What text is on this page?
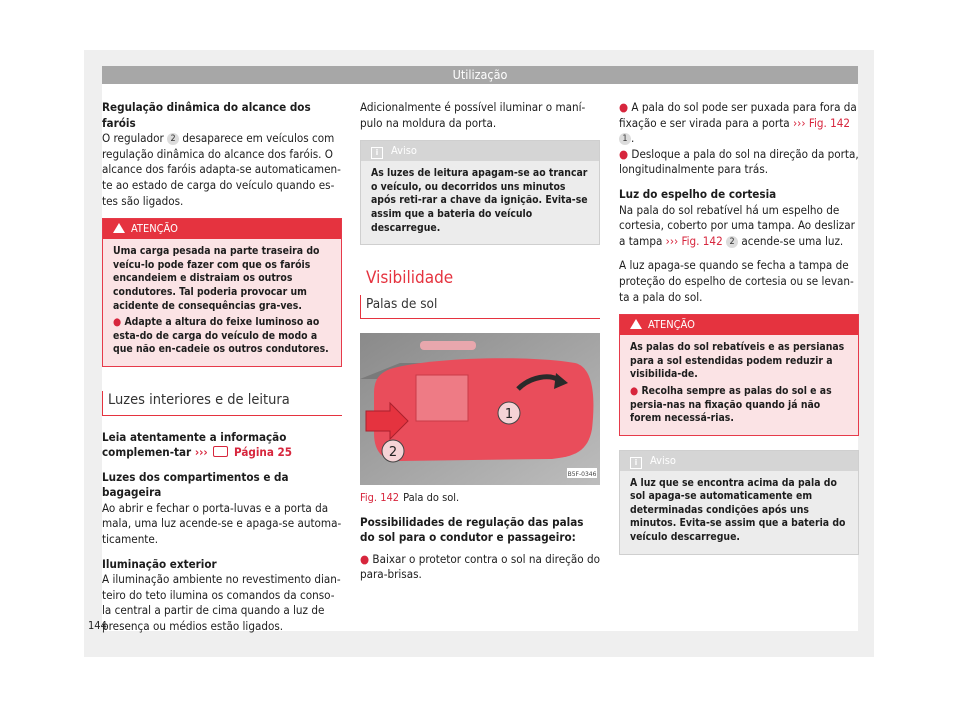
Utilização

Regulação dinâmica do alcance dos faróis

O regulador 2 desaparece em veículos com regulação dinâmica do alcance dos faróis. O alcance dos faróis adapta-se automaticamen-te ao estado de carga do veículo quando es-tes são ligados.

ATENÇÃO

Uma carga pesada na parte traseira do veícu-lo pode fazer com que os faróis encandeiem e distraiam os outros condutores. Tal poderia provocar um acidente de consequências gra-ves.

● Adapte a altura do feixe luminoso ao esta-do de carga do veículo de modo a que não en-cadeie os outros condutores.

Luzes interiores e de leitura

Leia atentamente a informação complemen-tar ››› Página 25

Luzes dos compartimentos e da bagageira

Ao abrir e fechar o porta-luvas e a porta da mala, uma luz acende-se e apaga-se automa-ticamente.

Iluminação exterior

A iluminação ambiente no revestimento dian-teiro do teto ilumina os comandos da conso-la central a partir de cima quando a luz de presença ou médios estão ligados.

Adicionalmente é possível iluminar o maní-pulo na moldura da porta.

i Aviso

As luzes de leitura apagam-se ao trancar o veículo, ou decorridos uns minutos após reti-rar a chave da ignição. Evita-se assim que a bateria do veículo descarregue.

Visibilidade
Palas de sol
1
2
B5F-0346

Fig. 142 Pala do sol.

Possibilidades de regulação das palas do sol para o condutor e passageiro:

● Baixar o protetor contra o sol na direção do para-brisas.

● A pala do sol pode ser puxada para fora da fixação e ser virada para a porta ››› Fig. 142 1 .

● Desloque a pala do sol na direção da porta, longitudinalmente para trás.

Luz do espelho de cortesia

Na pala do sol rebatível há um espelho de cortesia, coberto por uma tampa. Ao deslizar a tampa ››› Fig. 142 2 acende-se uma luz.

A luz apaga-se quando se fecha a tampa de proteção do espelho de cortesia ou se levan-ta a pala do sol.

ATENÇÃO

As palas do sol rebatíveis e as persianas para a sol estendidas podem reduzir a visibilida-de.

● Recolha sempre as palas do sol e as persia-nas na fixação quando já não forem necessá-rias.

i Aviso

A luz que se encontra acima da pala do sol apaga-se automaticamente em determinadas condições após uns minutos. Evita-se assim que a bateria do veículo descarregue.

144
